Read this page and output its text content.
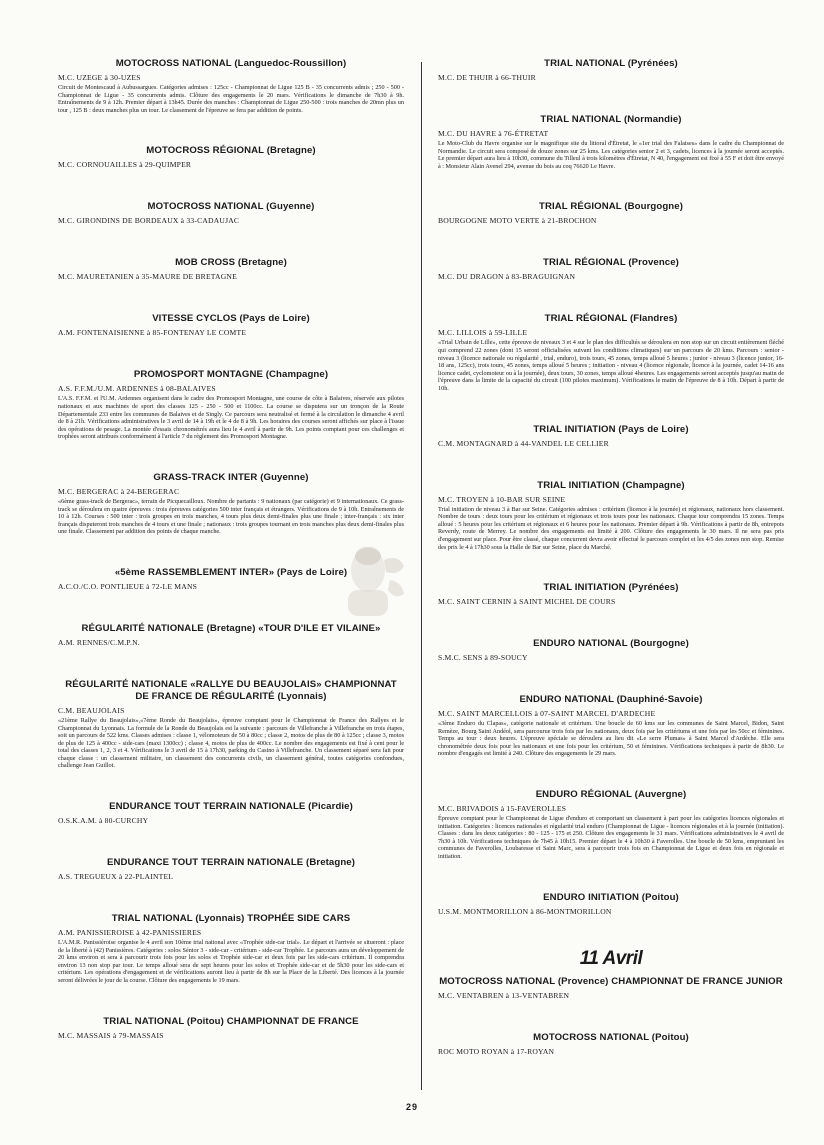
MOTOCROSS NATIONAL (Languedoc-Roussillon)
M.C. UZEGE à 30-UZES
Circuit de Montescaud à Aubussargues. Catégories admises : 125cc - Championnat de Ligue 125 B - 35 concurrents admis ; 250 - 500 - Championnat de Ligue - 35 concurrents admis. Clôture des engagements le 20 mars. Vérifications le dimanche de 7h30 à 9h. Entraînements de 9 à 12h. Premier départ à 13h45. Durée des manches : Championnat de Ligue 250-500 : trois manches de 20mn plus un tour , 125 B : deux manches plus un tour. Le classement de l'épreuve se fera par addition de points.
MOTOCROSS RÉGIONAL (Bretagne)
M.C. CORNOUAILLES à 29-QUIMPER
MOTOCROSS NATIONAL (Guyenne)
M.C. GIRONDINS DE BORDEAUX à 33-CADAUJAC
MOB CROSS (Bretagne)
M.C. MAURETANIEN à 35-MAURE DE BRETAGNE
VITESSE CYCLOS (Pays de Loire)
A.M. FONTENAISIENNE à 85-FONTENAY LE COMTE
PROMOSPORT MONTAGNE (Champagne)
A.S. F.F.M./U.M. ARDENNES à 08-BALAIVES
L'A.S. F.F.M. et l'U.M. Ardennes organisent dans le cadre des Promosport Montagne, une course de côte à Balaives, réservée aux pilotes nationaux et aux machines de sport des classes 125 - 250 - 500 et 1100cc. La course se disputera sur un tronçon de la Route Départementale 233 entre les communes de Balaives et de Singly. Ce parcours sera neutralisé et fermé à la circulation le dimanche 4 avril de 8 à 21h. Vérifications administratives le 3 avril de 14 à 19h et le 4 de 8 à 9h. Les horaires des courses seront affichés sur place à l'issue des opérations de pesage. La montée d'essais chronométrés aura lieu le 4 avril à partir de 9h. Les points comptant pour ces challenges et trophées seront attribués conformément à l'article 7 du règlement des Promosport Montagne.
GRASS-TRACK INTER (Guyenne)
M.C. BERGERAC à 24-BERGERAC
«6ème grass-track de Bergerac», terrain de Picquecailloux. Nombre de partants : 9 nationaux (par catégorie) et 9 internationaux. Ce grass-track se déroulera en quatre épreuves : trois épreuves catégories 500 inter français et étrangers. Vérifications de 9 à 10h. Entraînements de 10 à 12h. Courses : 500 inter : trois groupes en trois manches, 4 tours plus deux demi-finales plus une finale ; inter-français : six inter français disputeront trois manches de 4 tours et une finale ; nationaux : trois groupes tournant en trois manches plus deux demi-finales plus une finale. Classement par addition des points de chaque manche.
«5ème RASSEMBLEMENT INTER» (Pays de Loire)
A.C.O./C.O. PONTLIEUE à 72-LE MANS
RÉGULARITÉ NATIONALE (Bretagne) «TOUR D'ILE ET VILAINE»
A.M. RENNES/C.M.P.N.
RÉGULARITÉ NATIONALE «RALLYE DU BEAUJOLAIS» CHAMPIONNAT DE FRANCE DE RÉGULARITÉ (Lyonnais)
C.M. BEAUJOLAIS
«21ème Rallye du Beaujolais»,«7ème Ronde du Beaujolais», épreuve comptant pour le Championnat de France des Rallyes et le Championnat du Lyonnais. La formule de la Ronde du Beaujolais est la suivante : parcours de Villefranche à Villefranche en trois étapes, soit un parcours de 522 kms. Classes admises : classe 1, vélomoteurs de 50 à 80cc ; classe 2, motos de plus de 80 à 125cc ; classe 3, motos de plus de 125 à 400cc - side-cars (maxi 1300cc) ; classe 4, motos de plus de 400cc. Le nombre des engagements est fixé à cent pour le total des classes 1, 2, 3 et 4. Vérifications le 3 avril de 15 à 17h30, parking du Casino à Villefranche. Un classement séparé sera fait pour chaque classe : un classement militaire, un classement des concurrents civils, un classement général, toutes catégories confondues, challenge Jean Guillot.
ENDURANCE TOUT TERRAIN NATIONALE (Picardie)
O.S.K.A.M. à 80-CURCHY
ENDURANCE TOUT TERRAIN NATIONALE (Bretagne)
A.S. TREGUEUX à 22-PLAINTEL
TRIAL NATIONAL (Lyonnais) TROPHÉE SIDE CARS
A.M. PANISSIEROISE à 42-PANISSIERES
L'A.M.R. Panissièroise organise le 4 avril son 10ème trial national avec «Trophée side-car trial». Le départ et l'arrivée se situeront : place de la liberté à (42) Panissières. Catégories : solos Sénior 3 - side-car - critérium - side-car Trophée. Le parcours aura un développement de 20 kms environ et sera à parcourir trois fois pour les solos et Trophée side-car et deux fois par les side-cars critérium. Il comprendra environ 13 non stop par tour. Le temps alloué sera de sept heures pour les solos et Trophée side-car et de 5h30 pour les side-cars et critérium. Les opérations d'engagement et de vérifications auront lieu à partir de 8h sur la Place de la Liberté. Des licences à la journée seront délivrées le jour de la course. Clôture des engagements le 19 mars.
TRIAL NATIONAL (Poitou) CHAMPIONNAT DE FRANCE
M.C. MASSAIS à 79-MASSAIS
TRIAL NATIONAL (Pyrénées)
M.C. DE THUIR à 66-THUIR
TRIAL NATIONAL (Normandie)
M.C. DU HAVRE à 76-ÉTRETAT
Le Moto-Club du Havre organise sur le magnifique site du littoral d'Étretat, le «1er trial des Falaises» dans le cadre du Championnat de Normandie. Le circuit sera composé de douze zones sur 25 kms. Les catégories senior 2 et 3, cadets, licences à la journée seront acceptés. Le premier départ aura lieu à 10h30, commune du Tilleul à trois kilomètres d'Étretat, N 40, l'engagement est fixé à 55 F et doit être envoyé à : Monsieur Alain Avenel 294, avenue du bois au coq 76620 Le Havre.
TRIAL RÉGIONAL (Bourgogne)
BOURGOGNE MOTO VERTE à 21-BROCHON
TRIAL RÉGIONAL (Provence)
M.C. DU DRAGON à 83-BRAGUIGNAN
TRIAL RÉGIONAL (Flandres)
M.C. LILLOIS à 59-LILLE
«Trial Urbain de Lille», cette épreuve de niveaux 3 et 4 sur le plan des difficultés se déroulera en non stop sur un circuit entièrement fléché qui comprend 22 zones (dont 15 seront officialisées suivant les conditions climatiques) sur un parcours de 20 kms. Parcours : senior - niveau 3 (licence nationale ou régularité , trial, enduro), trois tours, 45 zones, temps alloué 5 heures ; junior - niveau 3 (licence junior, 16-18 ans, 125cc), trois tours, 45 zones, temps alloué 5 heures ; initiation - niveau 4 (licence régionale, licence à la journée, cadet 14-16 ans licence cadet, cyclomoteur ou à la journée), deux tours, 30 zones, temps alloué 4heures. Les engagements seront acceptés jusqu'au matin de l'épreuve dans la limite de la capacité du circuit (100 pilotes maximum). Vérifications le matin de l'épreuve de 8 à 10h. Départ à partir de 10h.
TRIAL INITIATION (Pays de Loire)
C.M. MONTAGNARD à 44-VANDEL LE CELLIER
TRIAL INITIATION (Champagne)
M.C. TROYEN à 10-BAR SUR SEINE
Trial initiation de niveau 3 à Bar sur Seine. Catégories admises : critérium (licence à la journée) et régionaux, nationaux hors classement. Nombre de tours : deux tours pour les critérium et régionaux et trois tours pour les nationaux. Chaque tour comprendra 15 zones. Temps alloué : 5 heures pour les critérium et régionaux et 6 heures pour les nationaux. Premier départ à 9h. Vérifications à partir de 8h, entrepots Reverdy, route de Merrey. Le nombre des engagements est limité à 200. Clôture des engagements le 30 mars. Il ne sera pas pris d'engagement sur place. Pour être classé, chaque concurrent devra avoir effectué le parcours complet et les 4/5 des zones non stop. Remise des prix le 4 à 17h30 sous la Halle de Bar sur Seine, place du Marché.
TRIAL INITIATION (Pyrénées)
M.C. SAINT CERNIN à SAINT MICHEL DE COURS
ENDURO NATIONAL (Bourgogne)
S.M.C. SENS à 89-SOUCY
ENDURO NATIONAL (Dauphiné-Savoie)
M.C. SAINT MARCELLOIS à 07-SAINT MARCEL D'ARDECHE
«3ème Enduro du Clapas», catégorie nationale et critérium. Une boucle de 60 kms sur les communes de Saint Marcel, Bidon, Saint Remèze, Bourg Saint Andéol, sera parcourue trois fois par les nationaux, deux fois par les critériums et une fois par les 50cc et féminines. Temps au tour : deux heures. L'épreuve spéciale se déroulera au lieu dit «Le serre Plumas» à Saint Marcel d'Ardèche. Elle sera chronométrée deux fois pour les nationaux et une fois pour les critérium, 50 et féminines. Vérifications techniques à partir de 8h30. Le nombre d'engagés est limité à 240. Clôture des engagements le 29 mars.
ENDURO RÉGIONAL (Auvergne)
M.C. BRIVADOIS à 15-FAVEROLLES
Épreuve comptant pour le Championnat de Ligue d'enduro et comportant un classement à part pour les catégories licences régionales et initiation. Catégories : licences nationales et régularité trial enduro (Championnat de Ligue - licences régionales et à la journée (initiation). Classes : dans les deux catégories : 80 - 125 - 175 et 250. Clôture des engagements le 31 mars. Vérifications administratives le 4 avril de 7h30 à 10h. Vérifications techniques de 7h45 à 10h15. Premier départ le 4 à 10h30 à Faverolles. Une boucle de 50 kms, empruntant les communes de Faverolles, Loubaresse et Saint Marc, sera à parcourir trois fois en Championnat de Ligue et deux fois en régionale et initiation.
ENDURO INITIATION (Poitou)
U.S.M. MONTMORILLON à 86-MONTMORILLON
11 Avril
MOTOCROSS NATIONAL (Provence) CHAMPIONNAT DE FRANCE JUNIOR
M.C. VENTABREN à 13-VENTABREN
MOTOCROSS NATIONAL (Poitou)
ROC MOTO ROYAN à 17-ROYAN
29
